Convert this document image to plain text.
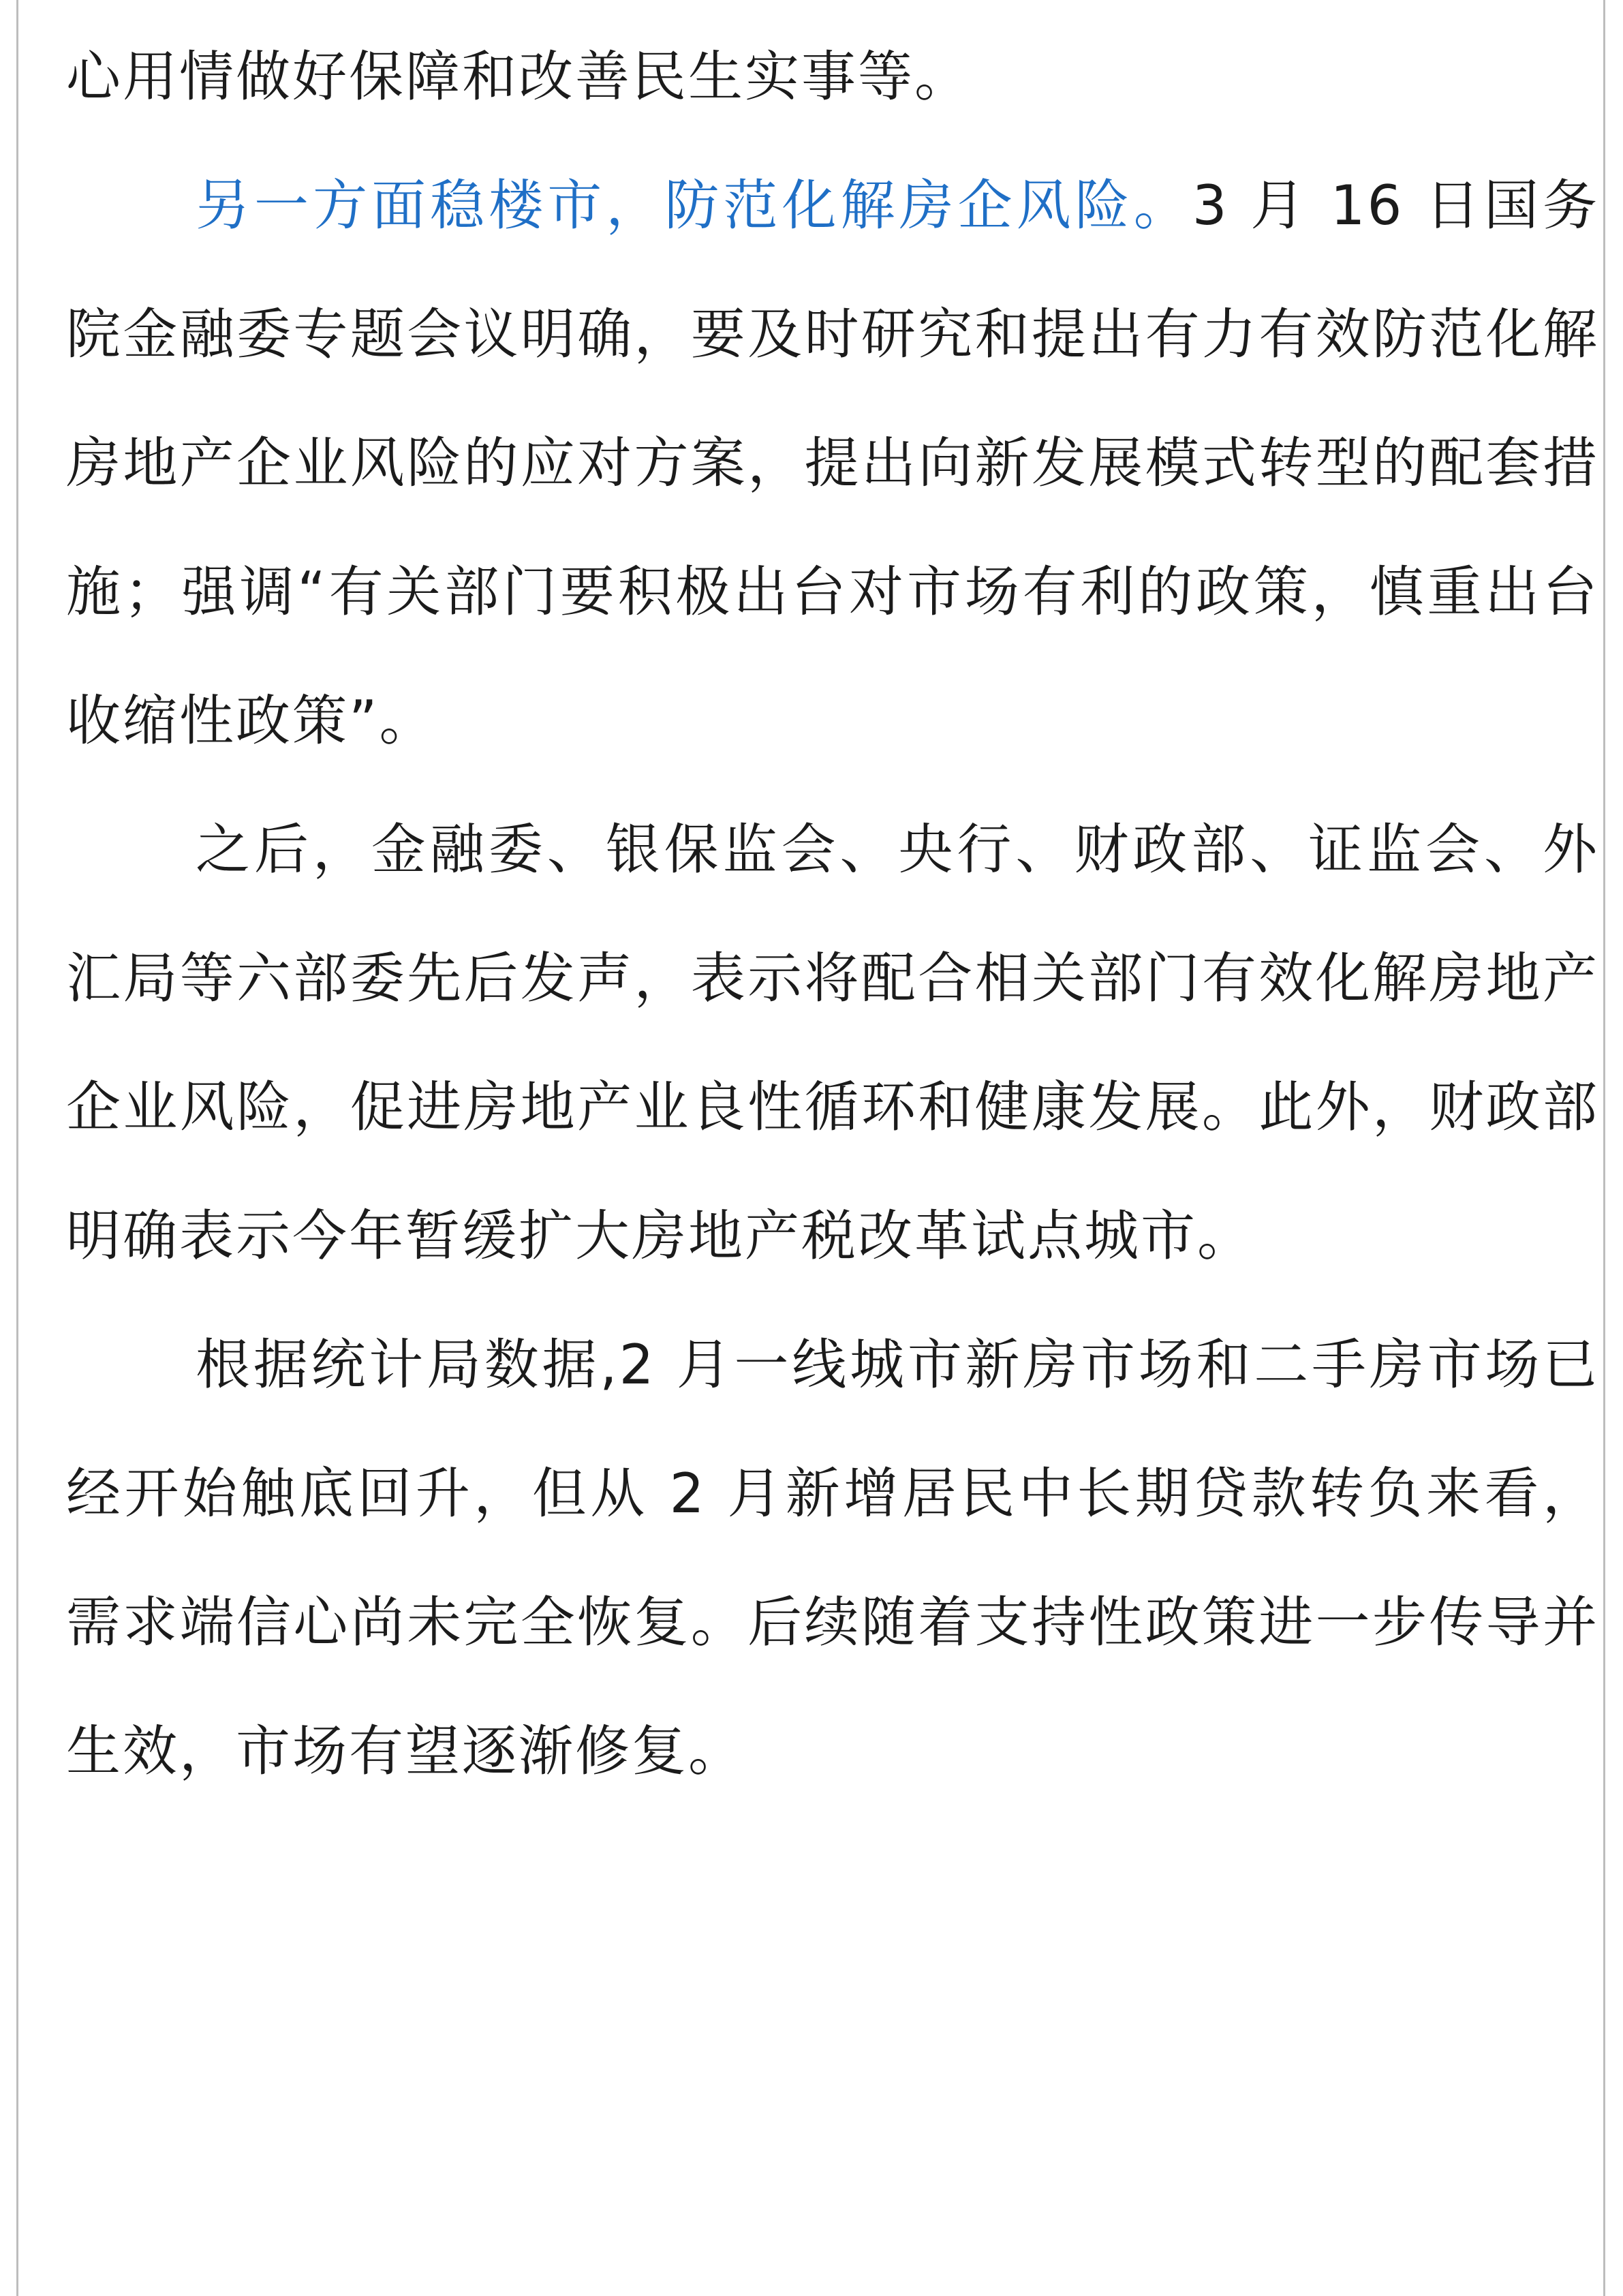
心用情做好保障和改善民生实事等。

另一方面稳楼市，防范化解房企风险。3 月 16 日国务院金融委专题会议明确，要及时研究和提出有力有效防范化解房地产企业风险的应对方案，提出向新发展模式转型的配套措施；强调“有关部门要积极出台对市场有利的政策，慎重出台收缩性政策”。

之后，金融委、银保监会、央行、财政部、证监会、外汇局等六部委先后发声，表示将配合相关部门有效化解房地产企业风险，促进房地产业良性循环和健康发展。此外，财政部明确表示今年暂缓扩大房地产税改革试点城市。

根据统计局数据,2 月一线城市新房市场和二手房市场已经开始触底回升，但从 2 月新增居民中长期贷款转负来看，需求端信心尚未完全恢复。后续随着支持性政策进一步传导并生效，市场有望逐渐修复。
